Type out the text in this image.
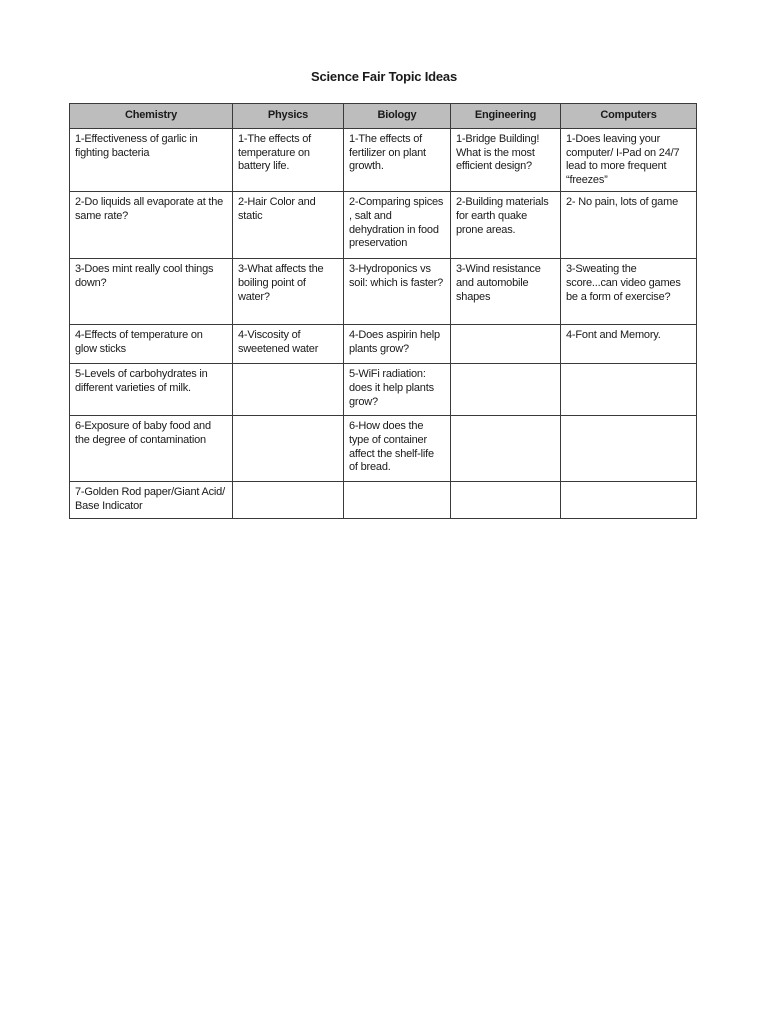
Science Fair Topic Ideas
Chemistry	Physics	Biology	Engineering	Computers
1-Effectiveness of garlic in fighting bacteria	1-The effects of temperature on battery life.	1-The effects of fertilizer on plant growth.	1-Bridge Building! What is the most efficient design?	1-Does leaving your computer/ I-Pad on 24/7 lead to more frequent “freezes”
2-Do liquids all evaporate at the same rate?	2-Hair Color and static	2-Comparing spices , salt and dehydration in food preservation	2-Building materials for earth quake prone areas.	2- No pain, lots of game
3-Does mint really cool things down?	3-What affects the boiling point of water?	3-Hydroponics vs soil: which is faster?	3-Wind resistance and automobile shapes	3-Sweating the score...can video games be a form of exercise?
4-Effects of temperature on glow sticks	4-Viscosity of sweetened water	4-Does aspirin help plants grow?		4-Font and Memory.
5-Levels of carbohydrates in different varieties of milk.		5-WiFi radiation: does it help plants grow?		
6-Exposure of baby food and the degree of contamination		6-How does the type of container affect the shelf-life of bread.		
7-Golden Rod paper/Giant Acid/ Base Indicator				
